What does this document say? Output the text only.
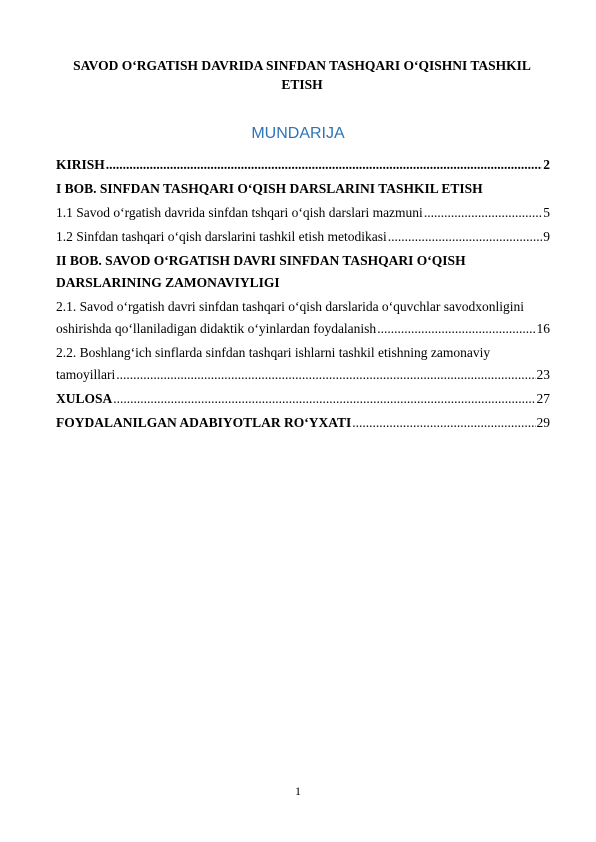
SAVOD O‘RGATISH DAVRIDA SINFDAN TASHQARI O‘QISHNI TASHKIL ETISH
MUNDARIJA
KIRISH .....	2
I BOB. SINFDAN TASHQARI O‘QISH DARSLARINI TASHKIL ETISH
1.1 Savod o‘rgatish davrida sinfdan tshqari o‘qish darslari mazmuni .....	5
1.2 Sinfdan tashqari o‘qish darslarini tashkil etish metodikasi .....	9
II BOB. SAVOD O‘RGATISH DAVRI SINFDAN TASHQARI O‘QISH
DARSLARINING ZAMONAVIYLIGI
2.1. Savod o‘rgatish davri sinfdan tashqari o‘qish darslarida o‘quvchlar savodxonligini
oshirishda qo‘llaniladigan didaktik o‘yinlardan foydalanish .....	16
2.2. Boshlang‘ich sinflarda sinfdan tashqari ishlarni tashkil etishning zamonaviy
tamoyillari .....	23
XULOSA .....	27
FOYDALANILGAN ADABIYOTLAR RO‘YXATI .....	29
1
